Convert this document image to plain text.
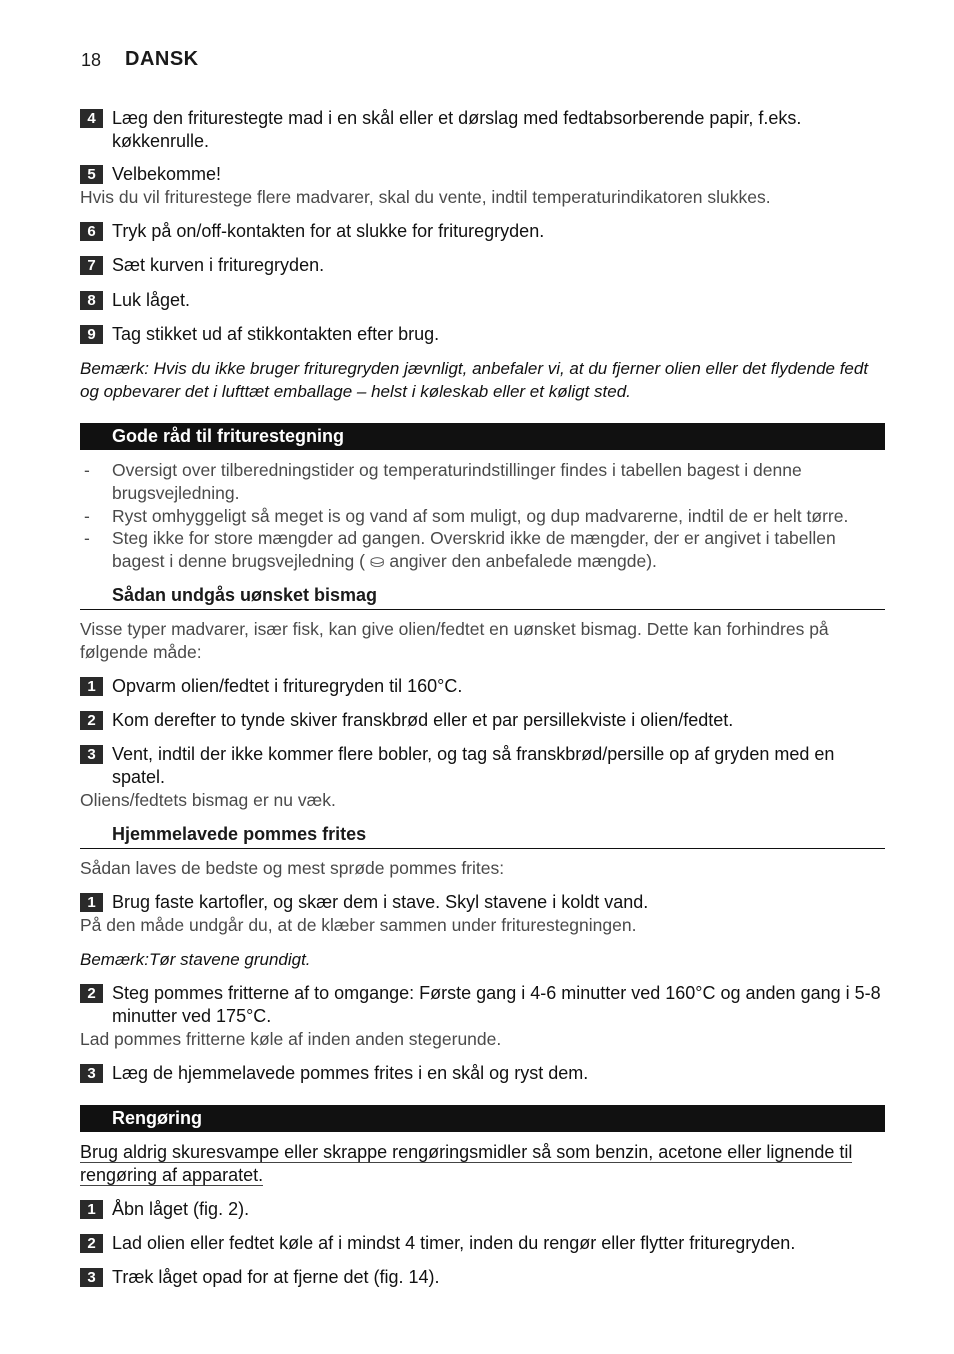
18 DANSK
4 Læg den friturestegte mad i en skål eller et dørslag med fedtabsorberende papir, f.eks. køkkenrulle.
5 Velbekomme!
Hvis du vil friturestege flere madvarer, skal du vente, indtil temperaturindikatoren slukkes.
6 Tryk på on/off-kontakten for at slukke for frituregryden.
7 Sæt kurven i frituregryden.
8 Luk låget.
9 Tag stikket ud af stikkontakten efter brug.
Bemærk: Hvis du ikke bruger frituregryden jævnligt, anbefaler vi, at du fjerner olien eller det flydende fedt og opbevarer det i lufttæt emballage – helst i køleskab eller et køligt sted.
Gode råd til friturestegning
-	Oversigt over tilberedningstider og temperaturindstillinger findes i tabellen bagest i denne brugsvejledning.
-	Ryst omhyggeligt så meget is og vand af som muligt, og dup madvarerne, indtil de er helt tørre.
-	Steg ikke for store mængder ad gangen. Overskrid ikke de mængder, der er angivet i tabellen bagest i denne brugsvejledning ( ⛀ angiver den anbefalede mængde).
Sådan undgås uønsket bismag
Visse typer madvarer, især fisk, kan give olien/fedtet en uønsket bismag. Dette kan forhindres på følgende måde:
1 Opvarm olien/fedtet i frituregryden til 160°C.
2 Kom derefter to tynde skiver franskbrød eller et par persillekviste i olien/fedtet.
3 Vent, indtil der ikke kommer flere bobler, og tag så franskbrød/persille op af gryden med en spatel.
Oliens/fedtets bismag er nu væk.
Hjemmelavede pommes frites
Sådan laves de bedste og mest sprøde pommes frites:
1 Brug faste kartofler, og skær dem i stave. Skyl stavene i koldt vand.
På den måde undgår du, at de klæber sammen under friturestegningen.
Bemærk:Tør stavene grundigt.
2 Steg pommes fritterne af to omgange: Første gang i 4-6 minutter ved 160°C og anden gang i 5-8 minutter ved 175°C.
Lad pommes fritterne køle af inden anden stegerunde.
3 Læg de hjemmelavede pommes frites i en skål og ryst dem.
Rengøring
Brug aldrig skuresvampe eller skrappe rengøringsmidler så som benzin, acetone eller lignende til rengøring af apparatet.
1 Åbn låget (fig. 2).
2 Lad olien eller fedtet køle af i mindst 4 timer, inden du rengør eller flytter frituregryden.
3 Træk låget opad for at fjerne det (fig. 14).
